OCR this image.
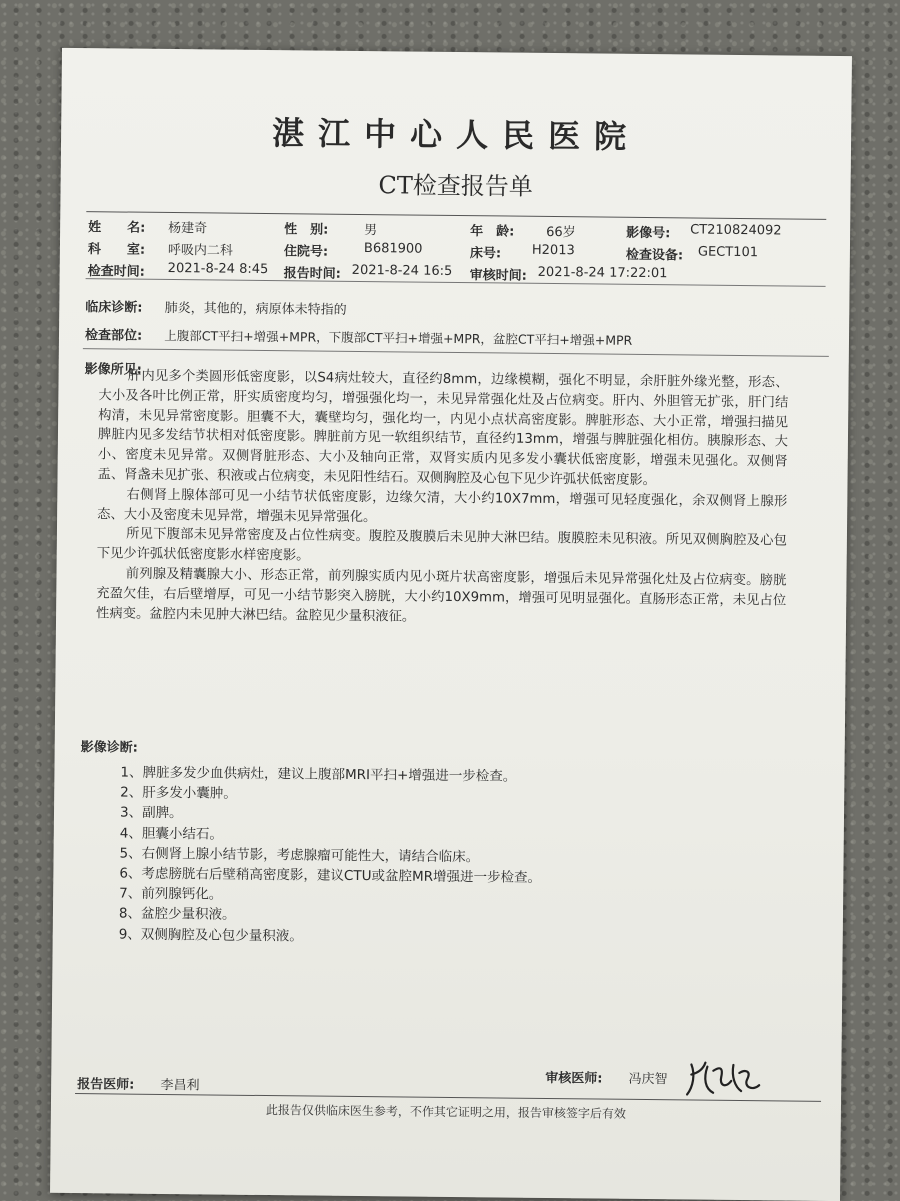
湛江中心人民医院
CT检查报告单
姓　　名: 杨建奇	性　别:	男	年　龄: 66岁	影像号: CT210824092
科　　室: 呼吸内二科	住院号:	B681900	床号: H2013	检查设备: GECT101
检查时间: 2021-8-24 8:45 报告时间: 2021-8-24 16:5 审核时间: 2021-8-24 17:22:01
临床诊断: 肺炎，其他的，病原体未特指的
检查部位: 上腹部CT平扫+增强+MPR，下腹部CT平扫+增强+MPR，盆腔CT平扫+增强+MPR
影像所见:

肝内见多个类圆形低密度影，以S4病灶较大，直径约8mm，边缘模糊，强化不明显，余肝脏外缘光整，形态、大小及各叶比例正常，肝实质密度均匀，增强强化均一，未见异常强化灶及占位病变。肝内、外胆管无扩张，肝门结构清，未见异常密度影。胆囊不大，囊壁均匀，强化均一，内见小点状高密度影。脾脏形态、大小正常，增强扫描见脾脏内见多发结节状相对低密度影。脾脏前方见一软组织结节，直径约13mm，增强与脾脏强化相仿。胰腺形态、大小、密度未见异常。双侧肾脏形态、大小及轴向正常，双肾实质内见多发小囊状低密度影，增强未见强化。双侧肾盂、肾盏未见扩张、积液或占位病变，未见阳性结石。双侧胸腔及心包下见少许弧状低密度影。

右侧肾上腺体部可见一小结节状低密度影，边缘欠清，大小约10X7mm，增强可见轻度强化，余双侧肾上腺形态、大小及密度未见异常，增强未见异常强化。

所见下腹部未见异常密度及占位性病变。腹腔及腹膜后未见肿大淋巴结。腹膜腔未见积液。所见双侧胸腔及心包下见少许弧状低密度影水样密度影。

前列腺及精囊腺大小、形态正常，前列腺实质内见小斑片状高密度影，增强后未见异常强化灶及占位病变。膀胱充盈欠佳，右后壁增厚，可见一小结节影突入膀胱，大小约10X9mm，增强可见明显强化。直肠形态正常，未见占位性病变。盆腔内未见肿大淋巴结。盆腔见少量积液征。

影像诊断:
1、脾脏多发少血供病灶，建议上腹部MRI平扫+增强进一步检查。
2、肝多发小囊肿。
3、副脾。
4、胆囊小结石。
5、右侧肾上腺小结节影，考虑腺瘤可能性大，请结合临床。
6、考虑膀胱右后壁稍高密度影，建议CTU或盆腔MR增强进一步检查。
7、前列腺钙化。
8、盆腔少量积液。
9、双侧胸腔及心包少量积液。
报告医师: 李昌利	审核医师: 冯庆智
此报告仅供临床医生参考，不作其它证明之用，报告审核签字后有效
